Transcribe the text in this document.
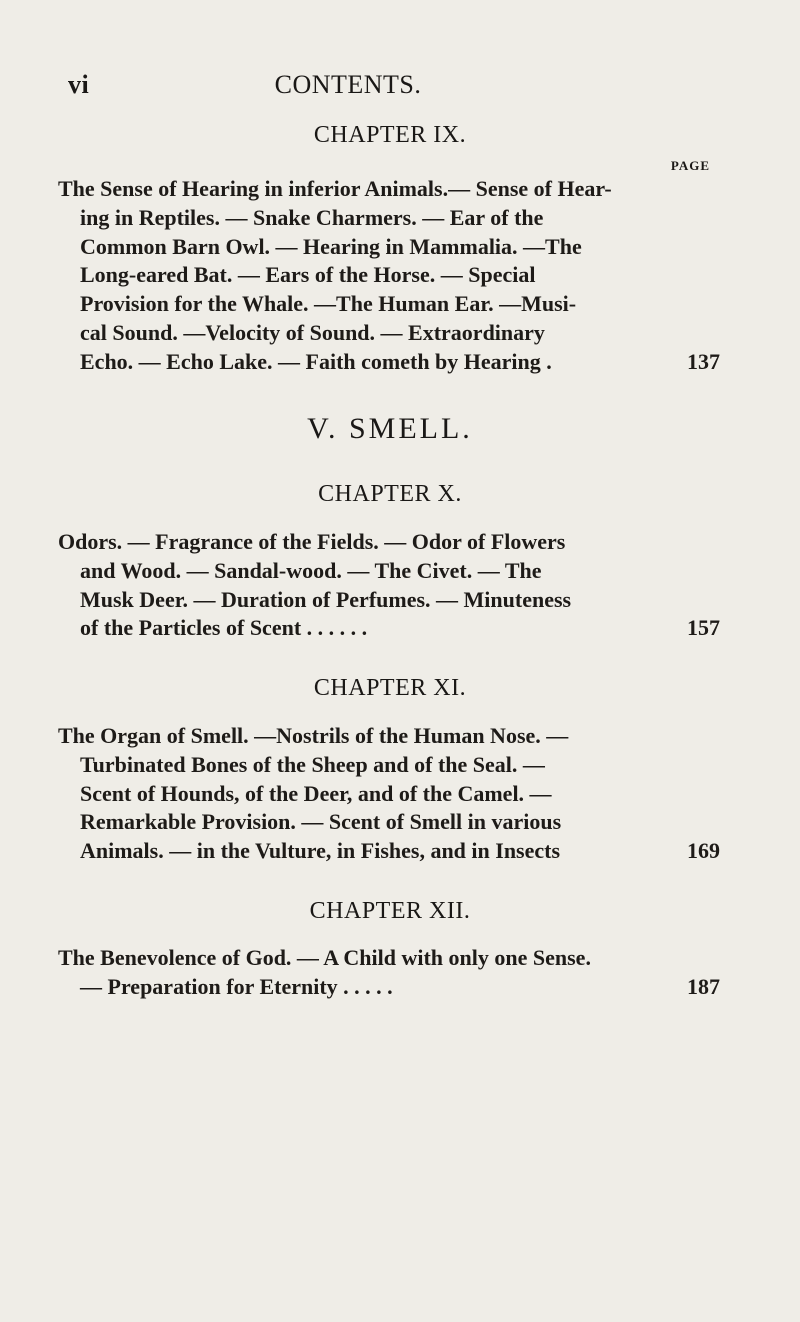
vi	CONTENTS.
CHAPTER IX.
PAGE
The Sense of Hearing in inferior Animals.— Sense of Hear-
ing in Reptiles. — Snake Charmers. — Ear of the
Common Barn Owl. — Hearing in Mammalia. —The
Long-eared Bat. — Ears of the Horse. — Special
Provision for the Whale. —The Human Ear. —Musi-
cal Sound. —Velocity of Sound. — Extraordinary
Echo. — Echo Lake. — Faith cometh by Hearing .	137
V. SMELL.
CHAPTER X.
Odors. — Fragrance of the Fields. — Odor of Flowers
and Wood. — Sandal-wood. — The Civet. — The
Musk Deer. — Duration of Perfumes. — Minuteness
of the Particles of Scent . . . . . .	157
CHAPTER XI.
The Organ of Smell. —Nostrils of the Human Nose. —
Turbinated Bones of the Sheep and of the Seal. —
Scent of Hounds, of the Deer, and of the Camel. —
Remarkable Provision. — Scent of Smell in various
Animals. — in the Vulture, in Fishes, and in Insects	169
CHAPTER XII.
The Benevolence of God. — A Child with only one Sense.
— Preparation for Eternity . . . . .	187
